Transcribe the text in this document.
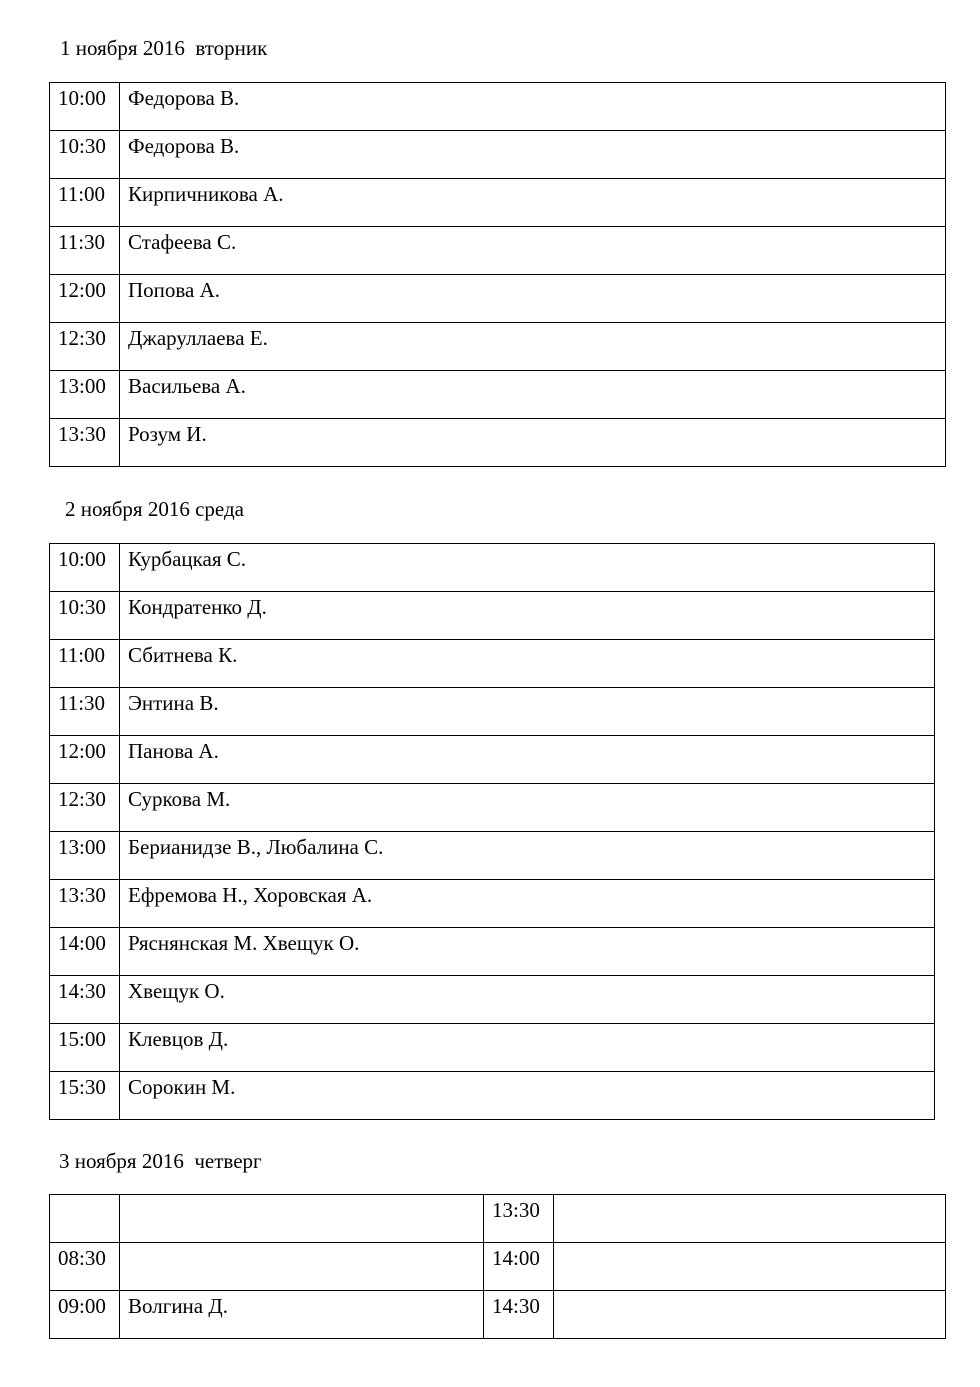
1 ноября 2016  вторник
10:00	Федорова В.

10:30	Федорова В.

11:00	Кирпичникова А.

11:30	Стафеева С.

12:00	Попова А.

12:30	Джаруллаева Е.

13:00	Васильева А.

13:30	Розум И.
2 ноября 2016 среда
10:00	Курбацкая С.

10:30	Кондратенко Д.

11:00	Сбитнева К.

11:30	Энтина В.

12:00	Панова А.

12:30	Суркова М.

13:00	Берианидзе В., Любалина С.

13:30	Ефремова Н., Хоровская А.

14:00	Ряснянская М. Хвещук О.

14:30	Хвещук О.

15:00	Клевцов Д.

15:30	Сорокин М.
3 ноября 2016  четверг

		13:30	

08:30		14:00	

09:00	Волгина Д.	14:30	
